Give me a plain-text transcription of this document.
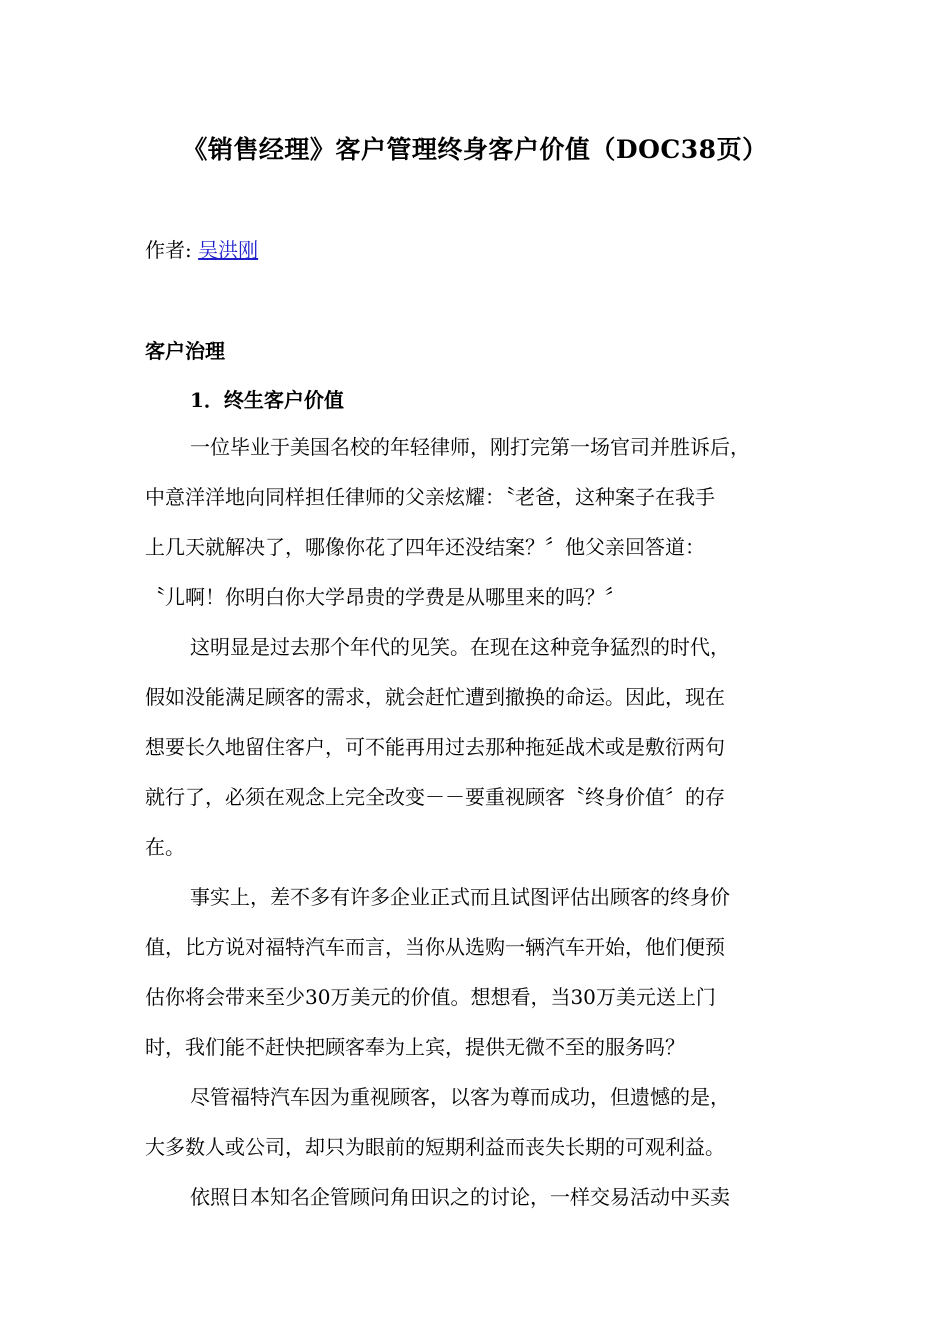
《销售经理》客户管理终身客户价值（DOC38页）
作者: 吴洪刚
客户治理
1．终生客户价值
一位毕业于美国名校的年轻律师，刚打完第一场官司并胜诉后，
中意洋洋地向同样担任律师的父亲炫耀：〝老爸，这种案子在我手
上几天就解决了，哪像你花了四年还没结案？〞他父亲回答道：
〝儿啊！你明白你大学昂贵的学费是从哪里来的吗？〞
这明显是过去那个年代的见笑。在现在这种竞争猛烈的时代，
假如没能满足顾客的需求，就会赶忙遭到撤换的命运。因此，现在
想要长久地留住客户，可不能再用过去那种拖延战术或是敷衍两句
就行了，必须在观念上完全改变－－要重视顾客〝终身价值〞的存
在。
事实上，差不多有许多企业正式而且试图评估出顾客的终身价
值，比方说对福特汽车而言，当你从选购一辆汽车开始，他们便预
估你将会带来至少30万美元的价值。想想看，当30万美元送上门
时，我们能不赶快把顾客奉为上宾，提供无微不至的服务吗？
尽管福特汽车因为重视顾客，以客为尊而成功，但遗憾的是，
大多数人或公司，却只为眼前的短期利益而丧失长期的可观利益。
依照日本知名企管顾问角田识之的讨论，一样交易活动中买卖
